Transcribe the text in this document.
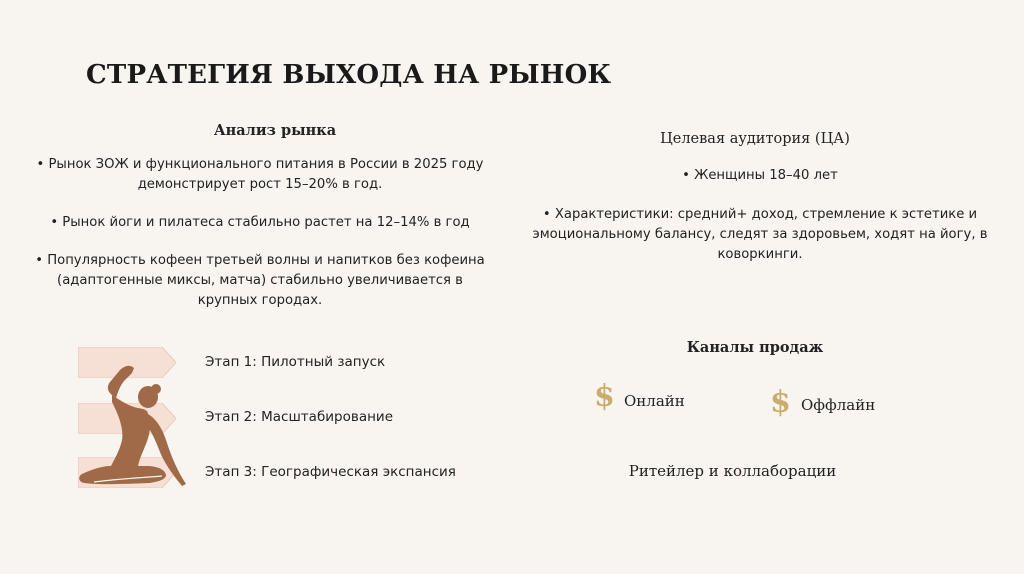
СТРАТЕГИЯ ВЫХОДА НА РЫНОК
Анализ рынка
• Рынок ЗОЖ и функционального питания в России в 2025 году демонстрирует рост 15–20% в год.
• Рынок йоги и пилатеса стабильно растет на 12–14% в год
• Популярность кофеен третьей волны и напитков без кофеина (адаптогенные миксы, матча) стабильно увеличивается в крупных городах.
Этап 1: Пилотный запуск
Этап 2: Масштабирование
Этап 3: Географическая экспансия
Целевая аудитория (ЦА)
• Женщины 18–40 лет
• Характеристики: средний+ доход, стремление к эстетике и эмоциональному балансу, следят за здоровьем, ходят на йогу, в коворкинги.
Каналы продаж
$ Онлайн	$ Оффлайн
Ритейлер и коллаборации
